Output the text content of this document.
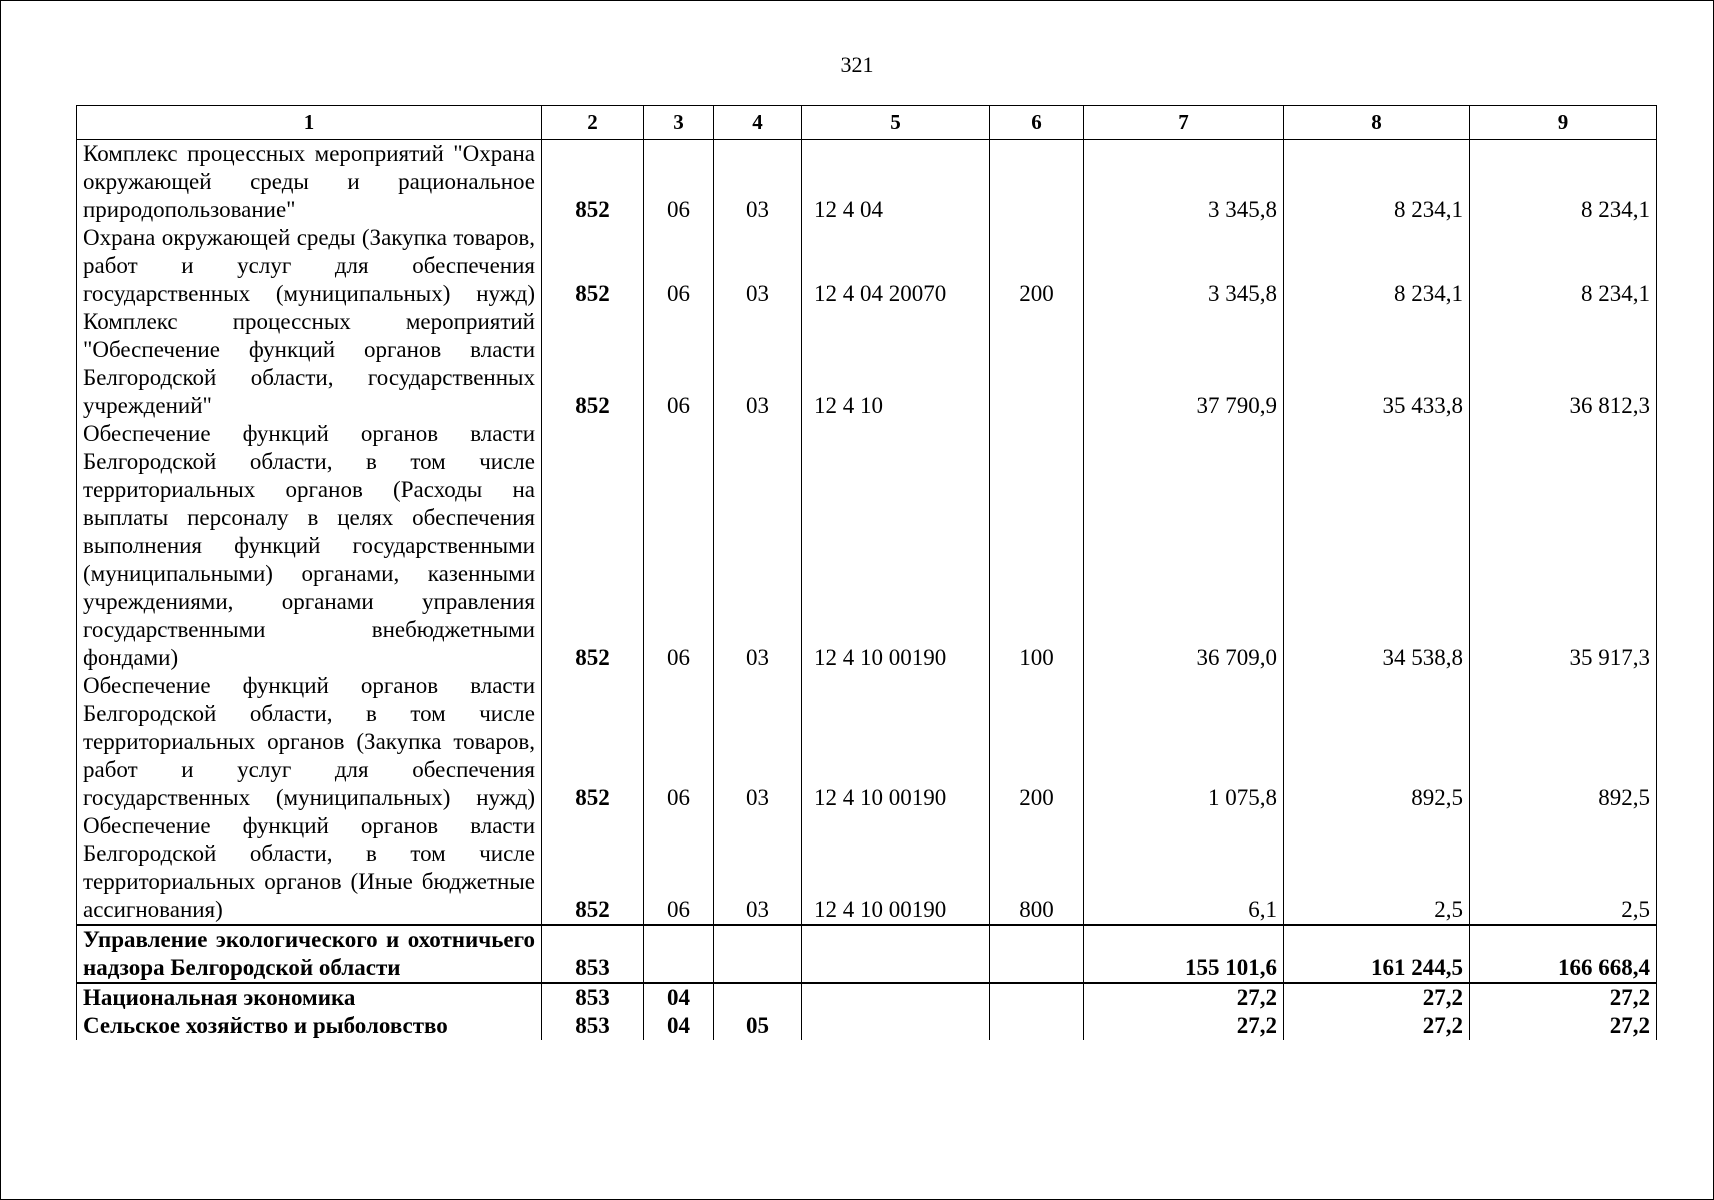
321
1	2	3	4	5	6	7	8	9
Комплекс процессных мероприятий "Охрана окружающей среды и рациональное природопользование"	852	06	03	12 4 04		3 345,8	8 234,1	8 234,1
Охрана окружающей среды (Закупка товаров, работ и услуг для обеспечения государственных (муниципальных) нужд)	852	06	03	12 4 04 20070	200	3 345,8	8 234,1	8 234,1
Комплекс процессных мероприятий "Обеспечение функций органов власти Белгородской области, государственных учреждений"	852	06	03	12 4 10		37 790,9	35 433,8	36 812,3
Обеспечение функций органов власти Белгородской области, в том числе территориальных органов (Расходы на выплаты персоналу в целях обеспечения выполнения функций государственными (муниципальными) органами, казенными учреждениями, органами управления государственными внебюджетными фондами)	852	06	03	12 4 10 00190	100	36 709,0	34 538,8	35 917,3
Обеспечение функций органов власти Белгородской области, в том числе территориальных органов (Закупка товаров, работ и услуг для обеспечения государственных (муниципальных) нужд)	852	06	03	12 4 10 00190	200	1 075,8	892,5	892,5
Обеспечение функций органов власти Белгородской области, в том числе территориальных органов (Иные бюджетные ассигнования)	852	06	03	12 4 10 00190	800	6,1	2,5	2,5
Управление экологического и охотничьего надзора Белгородской области	853					155 101,6	161 244,5	166 668,4
Национальная экономика	853	04				27,2	27,2	27,2
Сельское хозяйство и рыболовство	853	04	05			27,2	27,2	27,2
